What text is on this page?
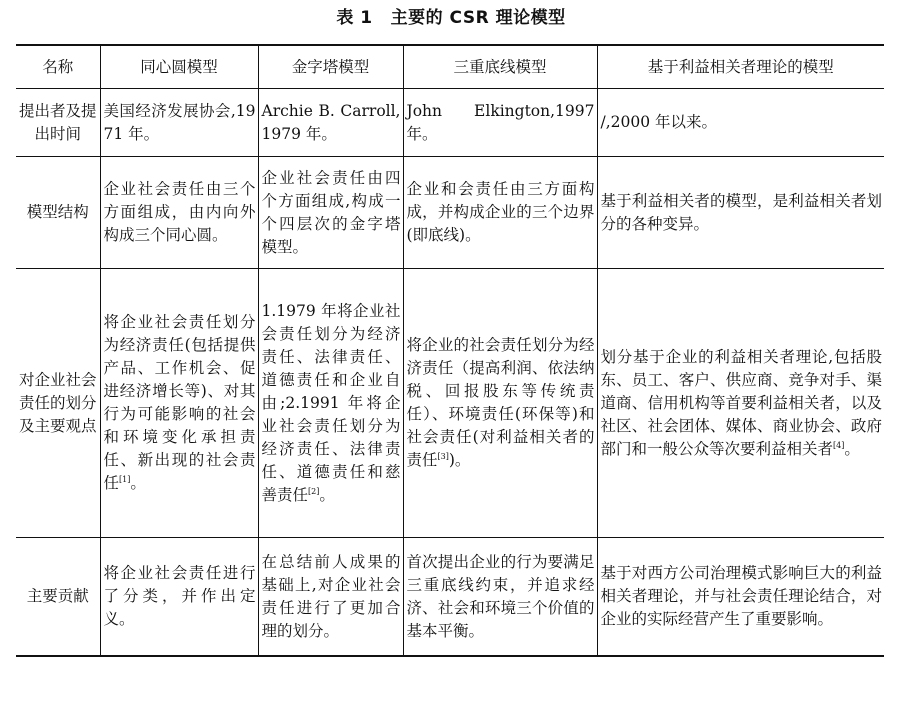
表 1 主要的 CSR 理论模型
名称	同心圆模型	金字塔模型	三重底线模型	基于利益相关者理论的模型
提出者及提出时间	美国经济发展协会,1971 年。	Archie B. Carroll,1979 年。	John Elkington,1997 年。	/,2000 年以来。
模型结构	企业社会责任由三个方面组成，由内向外构成三个同心圆。	企业社会责任由四个方面组成,构成一个四层次的金字塔模型。	企业和会责任由三方面构成，并构成企业的三个边界(即底线)。	基于利益相关者的模型，是利益相关者划分的各种变异。
对企业社会责任的划分及主要观点	将企业社会责任划分为经济责任(包括提供产品、工作机会、促进经济增长等)、对其行为可能影响的社会和环境变化承担责任、新出现的社会责任[1]。	1.1979 年将企业社会责任划分为经济责任、法律责任、道德责任和企业自由;2.1991 年将企业社会责任划分为经济责任、法律责任、道德责任和慈善责任[2]。	将企业的社会责任划分为经济责任（提高利润、依法纳税、回报股东等传统责任）、环境责任(环保等)和社会责任(对利益相关者的责任[3])。	划分基于企业的利益相关者理论,包括股东、员工、客户、供应商、竞争对手、渠道商、信用机构等首要利益相关者，以及社区、社会团体、媒体、商业协会、政府部门和一般公众等次要利益相关者[4]。
主要贡献	将企业社会责任进行了分类，并作出定义。	在总结前人成果的基础上,对企业社会责任进行了更加合理的划分。	首次提出企业的行为要满足三重底线约束，并追求经济、社会和环境三个价值的基本平衡。	基于对西方公司治理模式影响巨大的利益相关者理论，并与社会责任理论结合，对企业的实际经营产生了重要影响。
